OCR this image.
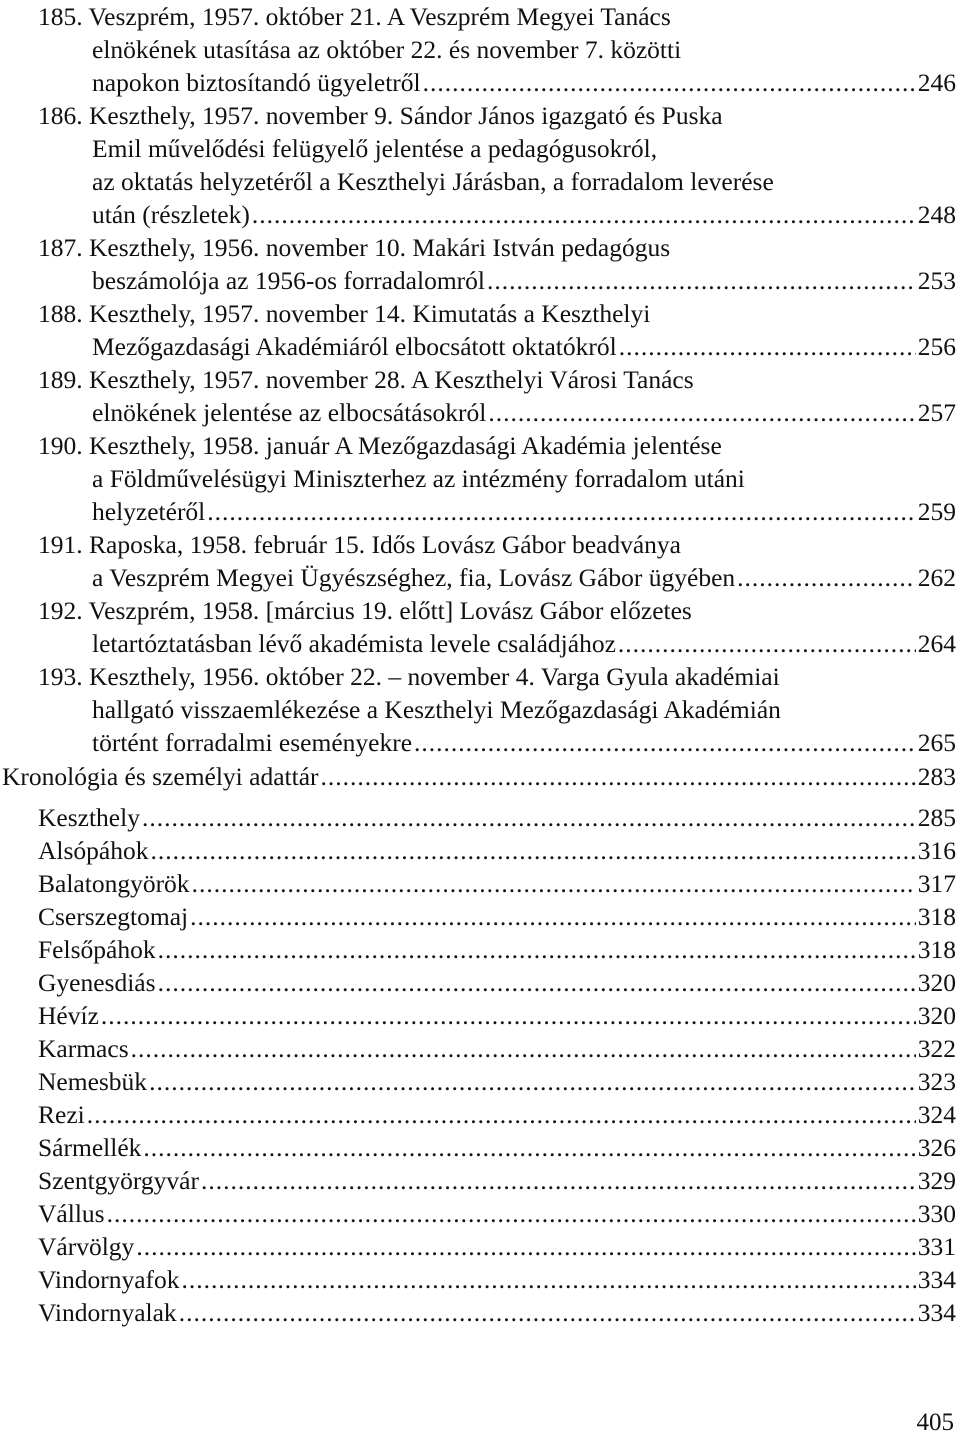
185. Veszprém, 1957. október 21. A Veszprém Megyei Tanács
elnökének utasítása az október 22. és november 7. közötti
napokon biztosítandó ügyeletről .....	246
186. Keszthely, 1957. november 9. Sándor János igazgató és Puska
Emil művelődési felügyelő jelentése a pedagógusokról,
az oktatás helyzetéről a Keszthelyi Járásban, a forradalom leverése
után (részletek) .....	248
187. Keszthely, 1956. november 10. Makári István pedagógus
beszámolója az 1956-os forradalomról .....	253
188. Keszthely, 1957. november 14. Kimutatás a Keszthelyi
Mezőgazdasági Akadémiáról elbocsátott oktatókról .....	256
189. Keszthely, 1957. november 28. A Keszthelyi Városi Tanács
elnökének jelentése az elbocsátásokról .....	257
190. Keszthely, 1958. január A Mezőgazdasági Akadémia jelentése
a Földművelésügyi Miniszterhez az intézmény forradalom utáni
helyzetéről .....	259
191. Raposka, 1958. február 15. Idős Lovász Gábor beadványa
a Veszprém Megyei Ügyészséghez, fia, Lovász Gábor ügyében .....	262
192. Veszprém, 1958. [március 19. előtt] Lovász Gábor előzetes
letartóztatásban lévő akadémista levele családjához .....	264
193. Keszthely, 1956. október 22. – november 4. Varga Gyula akadémiai
hallgató visszaemlékezése a Keszthelyi Mezőgazdasági Akadémián
történt forradalmi eseményekre .....	265
Kronológia és személyi adattár .....	283
Keszthely .....	285
Alsópáhok .....	316
Balatongyörök .....	317
Cserszegtomaj .....	318
Felsőpáhok .....	318
Gyenesdiás .....	320
Hévíz .....	320
Karmacs .....	322
Nemesbük .....	323
Rezi .....	324
Sármellék .....	326
Szentgyörgyvár .....	329
Vállus .....	330
Várvölgy .....	331
Vindornyafok .....	334
Vindornyalak .....	334
405
